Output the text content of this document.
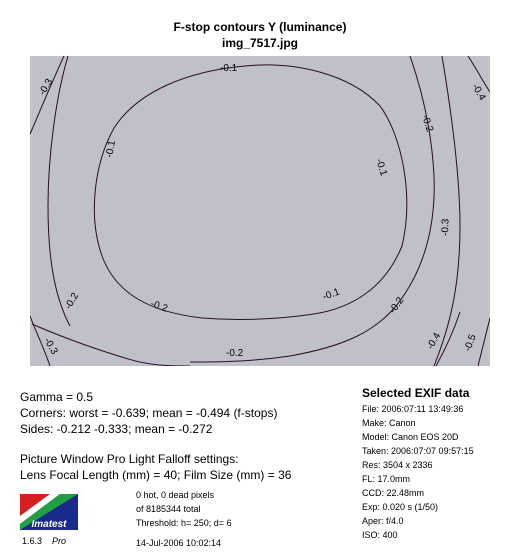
F-stop contours Y (luminance)
img_7517.jpg
-0.1
-0.1
-0.1
-0.1
-0.2
-0.2
-0.2	-0.2
-0.2
-0.3
-0.3
-0.3
-0.4
-0.4 -0.5
Gamma = 0.5
Corners: worst = -0.639; mean = -0.494 (f-stops)
Sides: -0.212 -0.333; mean = -0.272
Picture Window Pro Light Falloff settings:
Lens Focal Length (mm) = 40; Film Size (mm) = 36
Selected EXIF data
File: 2006:07:11 13:49:36
Make: Canon
Model: Canon EOS 20D
Taken: 2006:07:07 09:57:15
Res: 3504 x 2336
FL: 17.0mm
CCD: 22.48mm
Exp: 0.020 s (1/50)
Aper: f/4.0
ISO: 400
0 hot, 0 dead pixels
of 8185344 total
Threshold: h= 250; d= 6
Imatest
1.6.3 Pro	14-Jul-2006 10:02:14
